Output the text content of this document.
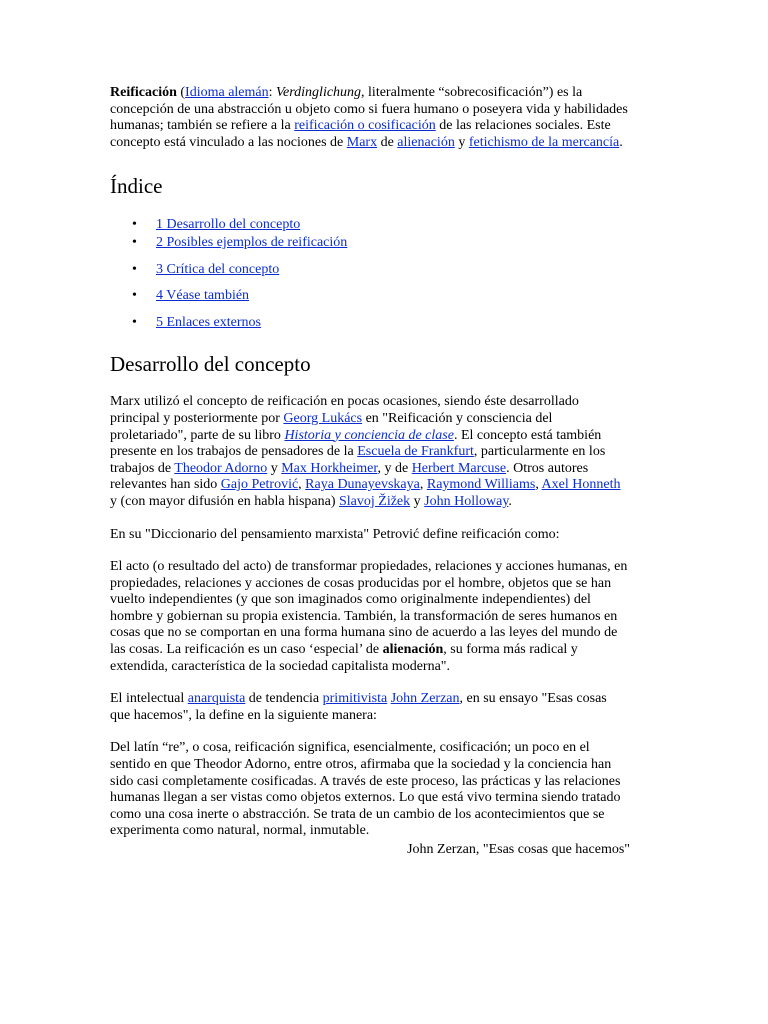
Reificación (Idioma alemán: Verdinglichung, literalmente “sobrecosificación”) es la concepción de una abstracción u objeto como si fuera humano o poseyera vida y habilidades humanas; también se refiere a la reificación o cosificación de las relaciones sociales. Este concepto está vinculado a las nociones de Marx de alienación y fetichismo de la mercancía.

Índice
• 1 Desarrollo del concepto
• 2 Posibles ejemplos de reificación
• 3 Crítica del concepto
• 4 Véase también
• 5 Enlaces externos
Desarrollo del concepto

Marx utilizó el concepto de reificación en pocas ocasiones, siendo éste desarrollado principal y posteriormente por Georg Lukács en "Reificación y consciencia del proletariado", parte de su libro Historia y conciencia de clase. El concepto está también presente en los trabajos de pensadores de la Escuela de Frankfurt, particularmente en los trabajos de Theodor Adorno y Max Horkheimer, y de Herbert Marcuse. Otros autores relevantes han sido Gajo Petrović, Raya Dunayevskaya, Raymond Williams, Axel Honneth y (con mayor difusión en habla hispana) Slavoj Žižek y John Holloway.

En su "Diccionario del pensamiento marxista" Petrović define reificación como:

El acto (o resultado del acto) de transformar propiedades, relaciones y acciones humanas, en propiedades, relaciones y acciones de cosas producidas por el hombre, objetos que se han vuelto independientes (y que son imaginados como originalmente independientes) del hombre y gobiernan su propia existencia. También, la transformación de seres humanos en cosas que no se comportan en una forma humana sino de acuerdo a las leyes del mundo de las cosas. La reificación es un caso ‘especial’ de alienación, su forma más radical y extendida, característica de la sociedad capitalista moderna".

El intelectual anarquista de tendencia primitivista John Zerzan, en su ensayo "Esas cosas que hacemos", la define en la siguiente manera:

Del latín “re”, o cosa, reificación significa, esencialmente, cosificación; un poco en el sentido en que Theodor Adorno, entre otros, afirmaba que la sociedad y la conciencia han sido casi completamente cosificadas. A través de este proceso, las prácticas y las relaciones humanas llegan a ser vistas como objetos externos. Lo que está vivo termina siendo tratado como una cosa inerte o abstracción. Se trata de un cambio de los acontecimientos que se experimenta como natural, normal, inmutable.

John Zerzan, "Esas cosas que hacemos"
